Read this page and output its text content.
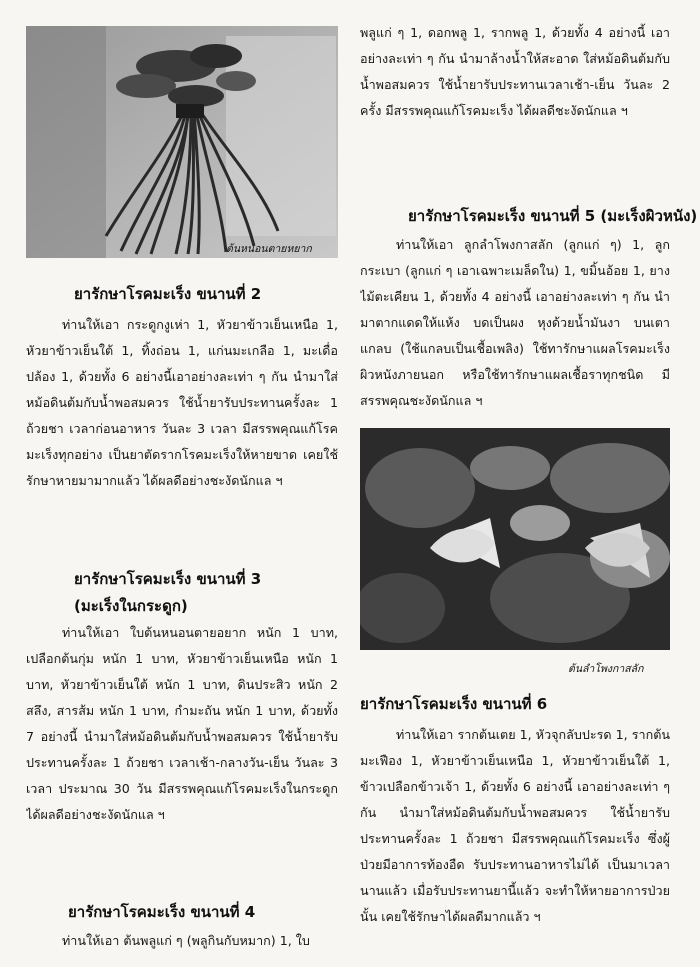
ต้นหนอนตายหยาก
ยารักษาโรคมะเร็ง ขนานที่ 2
ท่านให้เอา กระดูกงูเห่า 1, หัวยาข้าวเย็นเหนือ 1, หัวยาข้าวเย็นใต้ 1, ทิ้งถ่อน 1, แก่นมะเกลือ 1, มะเดื่อปล้อง 1, ด้วยทั้ง 6 อย่างนี้เอาอย่างละเท่า ๆ กัน นำมาใส่หม้อดินต้มกับน้ำพอสมควร ใช้น้ำยารับประทานครั้งละ 1 ถ้วยชา เวลาก่อนอาหาร วันละ 3 เวลา มีสรรพคุณแก้โรคมะเร็งทุกอย่าง เป็นยาตัดรากโรคมะเร็งให้หายขาด เคยใช้รักษาหายมามากแล้ว ได้ผลดีอย่างชะงัดนักแล ฯ
ยารักษาโรคมะเร็ง ขนานที่ 3
(มะเร็งในกระดูก)
ท่านให้เอา ใบต้นหนอนตายอยาก หนัก 1 บาท, เปลือกต้นกุ่ม หนัก 1 บาท, หัวยาข้าวเย็นเหนือ หนัก 1 บาท, หัวยาข้าวเย็นใต้ หนัก 1 บาท, ดินประสิว หนัก 2 สลึง, สารส้ม หนัก 1 บาท, กำมะถัน หนัก 1 บาท, ด้วยทั้ง 7 อย่างนี้ นำมาใส่หม้อดินต้มกับน้ำพอสมควร ใช้น้ำยารับประทานครั้งละ 1 ถ้วยชา เวลาเช้า-กลางวัน-เย็น วันละ 3 เวลา ประมาณ 30 วัน มีสรรพคุณแก้โรคมะเร็งในกระดูก ได้ผลดีอย่างชะงัดนักแล ฯ
ยารักษาโรคมะเร็ง ขนานที่ 4
ท่านให้เอา ต้นพลูแก่ ๆ (พลูกินกับหมาก) 1, ใบ
พลูแก่ ๆ 1, ดอกพลู 1, รากพลู 1, ด้วยทั้ง 4 อย่างนี้ เอาอย่างละเท่า ๆ กัน นำมาล้างน้ำให้สะอาด ใส่หม้อดินต้มกับน้ำพอสมควร ใช้น้ำยารับประทานเวลาเช้า-เย็น วันละ 2 ครั้ง มีสรรพคุณแก้โรคมะเร็ง ได้ผลดีชะงัดนักแล ฯ
ยารักษาโรคมะเร็ง ขนานที่ 5 (มะเร็งผิวหนัง)
ท่านให้เอา ลูกลำโพงกาสลัก (ลูกแก่ ๆ) 1, ลูกกระเบา (ลูกแก่ ๆ เอาเฉพาะเมล็ดใน) 1, ขมิ้นอ้อย 1, ยางไม้ตะเคียน 1, ด้วยทั้ง 4 อย่างนี้ เอาอย่างละเท่า ๆ กัน นำมาตากแดดให้แห้ง บดเป็นผง หุงด้วยน้ำมันงา บนเตาแกลบ (ใช้แกลบเป็นเชื้อเพลิง) ใช้ทารักษาแผลโรคมะเร็งผิวหนังภายนอก หรือใช้ทารักษาแผลเชื้อราทุกชนิด มีสรรพคุณชะงัดนักแล ฯ
ต้นลำโพงกาสลัก
ยารักษาโรคมะเร็ง ขนานที่ 6
ท่านให้เอา รากต้นเตย 1, หัวจุกลับปะรด 1, รากต้นมะเฟือง 1, หัวยาข้าวเย็นเหนือ 1, หัวยาข้าวเย็นใต้ 1, ข้าวเปลือกข้าวเจ้า 1, ด้วยทั้ง 6 อย่างนี้ เอาอย่างละเท่า ๆ กัน นำมาใส่หม้อดินต้มกับน้ำพอสมควร ใช้น้ำยารับประทานครั้งละ 1 ถ้วยชา มีสรรพคุณแก้โรคมะเร็ง ซึ่งผู้ป่วยมีอาการท้องอืด รับประทานอาหารไม่ได้ เป็นมาเวลานานแล้ว เมื่อรับประทานยานี้แล้ว จะทำให้หายอาการป่วยนั้น เคยใช้รักษาได้ผลดีมากแล้ว ฯ
